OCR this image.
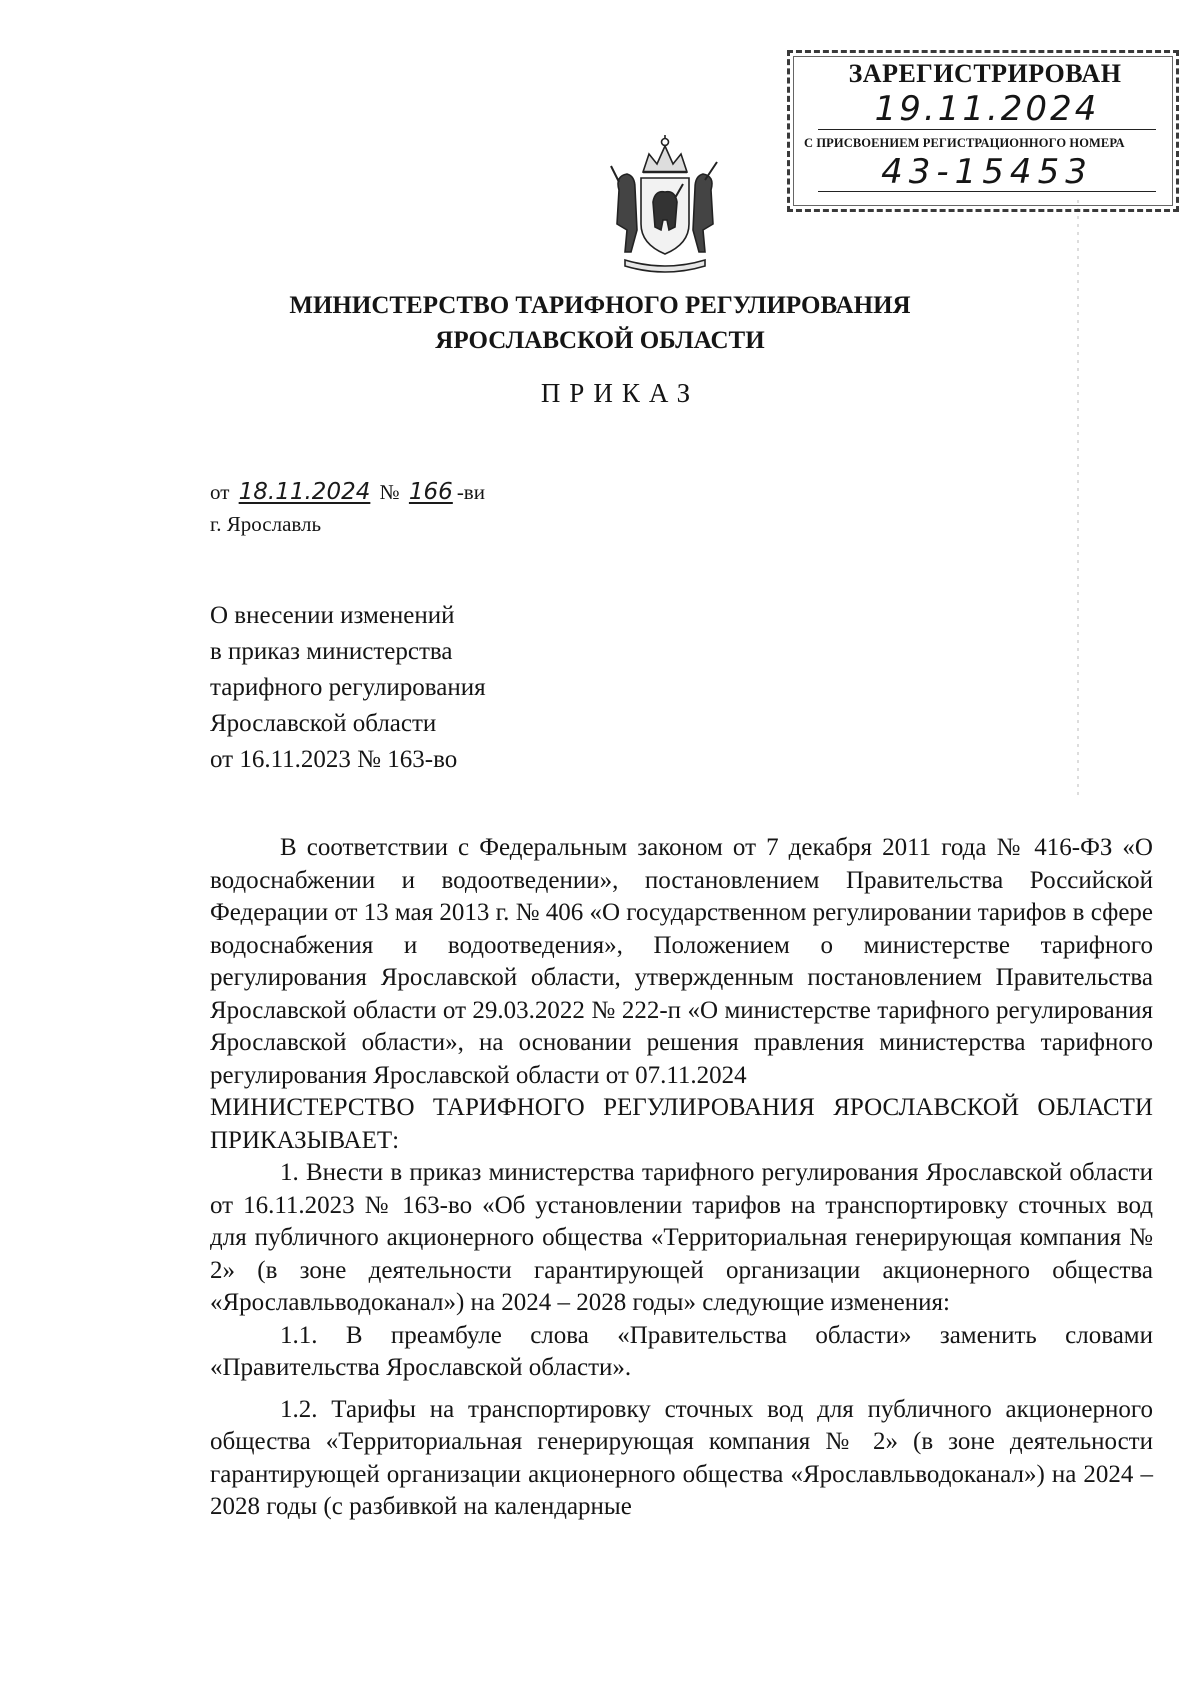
ЗАРЕГИСТРИРОВАН
19.11.2024
С ПРИСВОЕНИЕМ РЕГИСТРАЦИОННОГО НОМЕРА
43-15453
МИНИСТЕРСТВО ТАРИФНОГО РЕГУЛИРОВАНИЯ
ЯРОСЛАВСКОЙ ОБЛАСТИ
ПРИКАЗ
от 18.11.2024 № 166 -ви
г. Ярославль
О внесении изменений
в приказ министерства
тарифного регулирования
Ярославской области
от 16.11.2023 № 163-во

В соответствии с Федеральным законом от 7 декабря 2011 года № 416-ФЗ «О водоснабжении и водоотведении», постановлением Правительства Российской Федерации от 13 мая 2013 г. № 406 «О государственном регулировании тарифов в сфере водоснабжения и водоотведения», Положением о министерстве тарифного регулирования Ярославской области, утвержденным постановлением Правительства Ярославской области от 29.03.2022 № 222-п «О министерстве тарифного регулирования Ярославской области», на основании решения правления министерства тарифного регулирования Ярославской области от 07.11.2024

МИНИСТЕРСТВО ТАРИФНОГО РЕГУЛИРОВАНИЯ ЯРОСЛАВСКОЙ ОБЛАСТИ ПРИКАЗЫВАЕТ:

1. Внести в приказ министерства тарифного регулирования Ярославской области от 16.11.2023 № 163-во «Об установлении тарифов на транспортировку сточных вод для публичного акционерного общества «Территориальная генерирующая компания № 2» (в зоне деятельности гарантирующей организации акционерного общества «Ярославльводоканал») на 2024 – 2028 годы» следующие изменения:

1.1. В преамбуле слова «Правительства области» заменить словами «Правительства Ярославской области».

1.2. Тарифы на транспортировку сточных вод для публичного акционерного общества «Территориальная генерирующая компания № 2» (в зоне деятельности гарантирующей организации акционерного общества «Ярославльводоканал») на 2024 – 2028 годы (с разбивкой на календарные
